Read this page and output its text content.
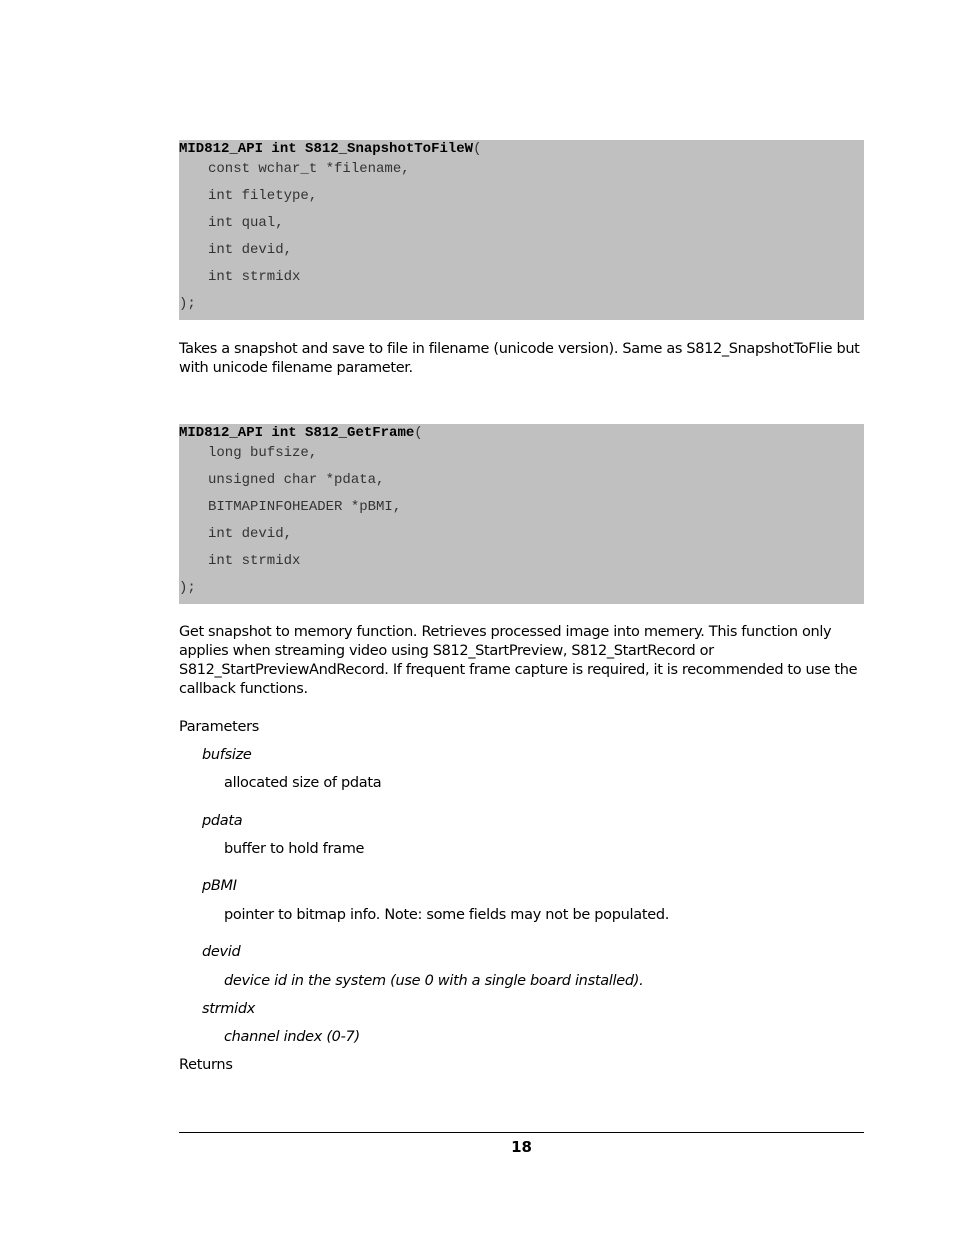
MID812_API int S812_SnapshotToFileW(
const wchar_t *filename,
int filetype,
int qual,
int devid,
int strmidx
);
Takes a snapshot and save to file in filename (unicode version). Same as S812_SnapshotToFlie but
with unicode filename parameter.
MID812_API int S812_GetFrame(
long bufsize,
unsigned char *pdata,
BITMAPINFOHEADER *pBMI,
int devid,
int strmidx
);
Get snapshot to memory function. Retrieves processed image into memery. This function only
applies when streaming video using S812_StartPreview, S812_StartRecord or
S812_StartPreviewAndRecord. If frequent frame capture is required, it is recommended to use the
callback functions.
Parameters
bufsize
allocated size of pdata
pdata
buffer to hold frame
pBMI
pointer to bitmap info. Note: some fields may not be populated.
devid
device id in the system (use 0 with a single board installed).
strmidx
channel index (0-7)
Returns
18
